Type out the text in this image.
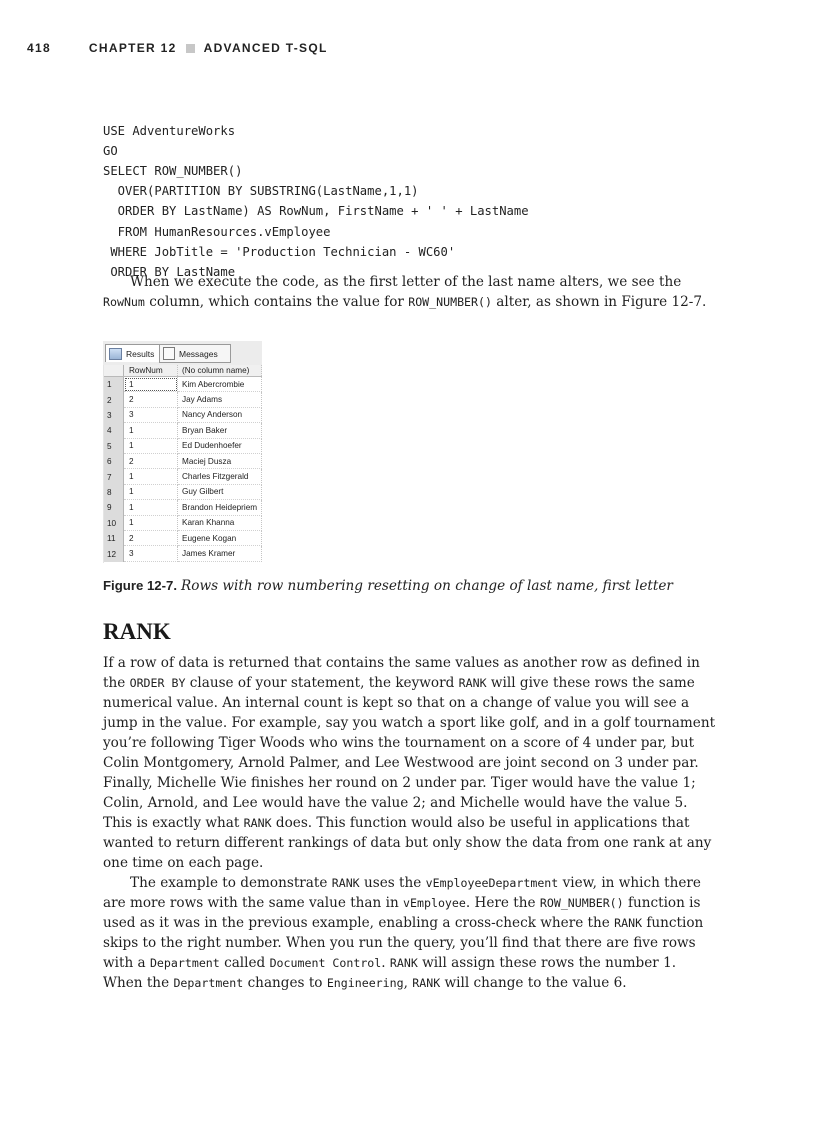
418	CHAPTER 12 ADVANCED T-SQL

USE AdventureWorks
GO
SELECT ROW_NUMBER()
OVER(PARTITION BY SUBSTRING(LastName,1,1)
ORDER BY LastName) AS RowNum, FirstName + ' ' + LastName
FROM HumanResources.vEmployee
WHERE JobTitle = 'Production Technician - WC60'
ORDER BY LastName

When we execute the code, as the first letter of the last name alters, we see the RowNum column, which contains the value for ROW_NUMBER() alter, as shown in Figure 12-7.

Results	Messages
RowNum	(No column name)
1	1	Kim Abercrombie
2	2	Jay Adams
3	3	Nancy Anderson
4	1	Bryan Baker
5	1	Ed Dudenhoefer
6	2	Maciej Dusza
7	1	Charles Fitzgerald
8	1	Guy Gilbert
9	1	Brandon Heidepriem
10	1	Karan Khanna
11	2	Eugene Kogan
12	3	James Kramer
Figure 12-7. Rows with row numbering resetting on change of last name, first letter
RANK

If a row of data is returned that contains the same values as another row as defined in the ORDER BY clause of your statement, the keyword RANK will give these rows the same numerical value. An internal count is kept so that on a change of value you will see a jump in the value. For example, say you watch a sport like golf, and in a golf tournament you’re following Tiger Woods who wins the tournament on a score of 4 under par, but Colin Montgomery, Arnold Palmer, and Lee Westwood are joint second on 3 under par. Finally, Michelle Wie finishes her round on 2 under par. Tiger would have the value 1; Colin, Arnold, and Lee would have the value 2; and Michelle would have the value 5. This is exactly what RANK does. This function would also be useful in applications that wanted to return different rankings of data but only show the data from one rank at any one time on each page.

The example to demonstrate RANK uses the vEmployeeDepartment view, in which there are more rows with the same value than in vEmployee. Here the ROW_NUMBER() function is used as it was in the previous example, enabling a cross-check where the RANK function skips to the right number. When you run the query, you’ll find that there are five rows with a Department called Document Control. RANK will assign these rows the number 1. When the Department changes to Engineering, RANK will change to the value 6.
